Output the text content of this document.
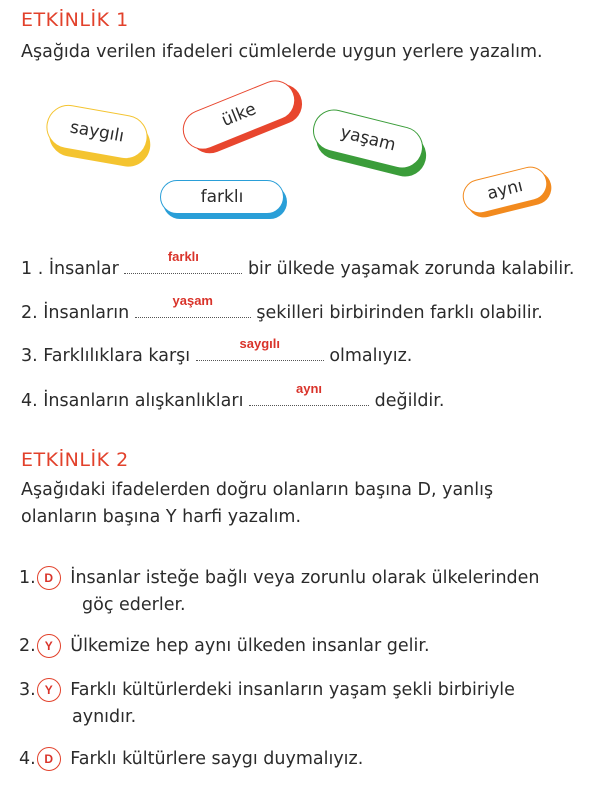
ETKİNLİK 1
Aşağıda verilen ifadeleri cümlelerde uygun yerlere yazalım.
saygılı
ülke
yaşam
farklı	aynı
1 . İnsanlar
farklı
bir ülkede yaşamak zorunda kalabilir.
2. İnsanların
yaşam
şekilleri birbirinden farklı olabilir.
3. Farklılıklara karşı
saygılı
olmalıyız.
4. İnsanların alışkanlıkları
aynı
değildir.
ETKİNLİK 2
Aşağıdaki ifadelerden doğru olanların başına D, yanlış
olanların başına Y harfi yazalım.
1. D İnsanlar isteğe bağlı veya zorunlu olarak ülkelerinden
göç ederler.
2. Y Ülkemize hep aynı ülkeden insanlar gelir.
3. Y Farklı kültürlerdeki insanların yaşam şekli birbiriyle
aynıdır.
4. D Farklı kültürlere saygı duymalıyız.
